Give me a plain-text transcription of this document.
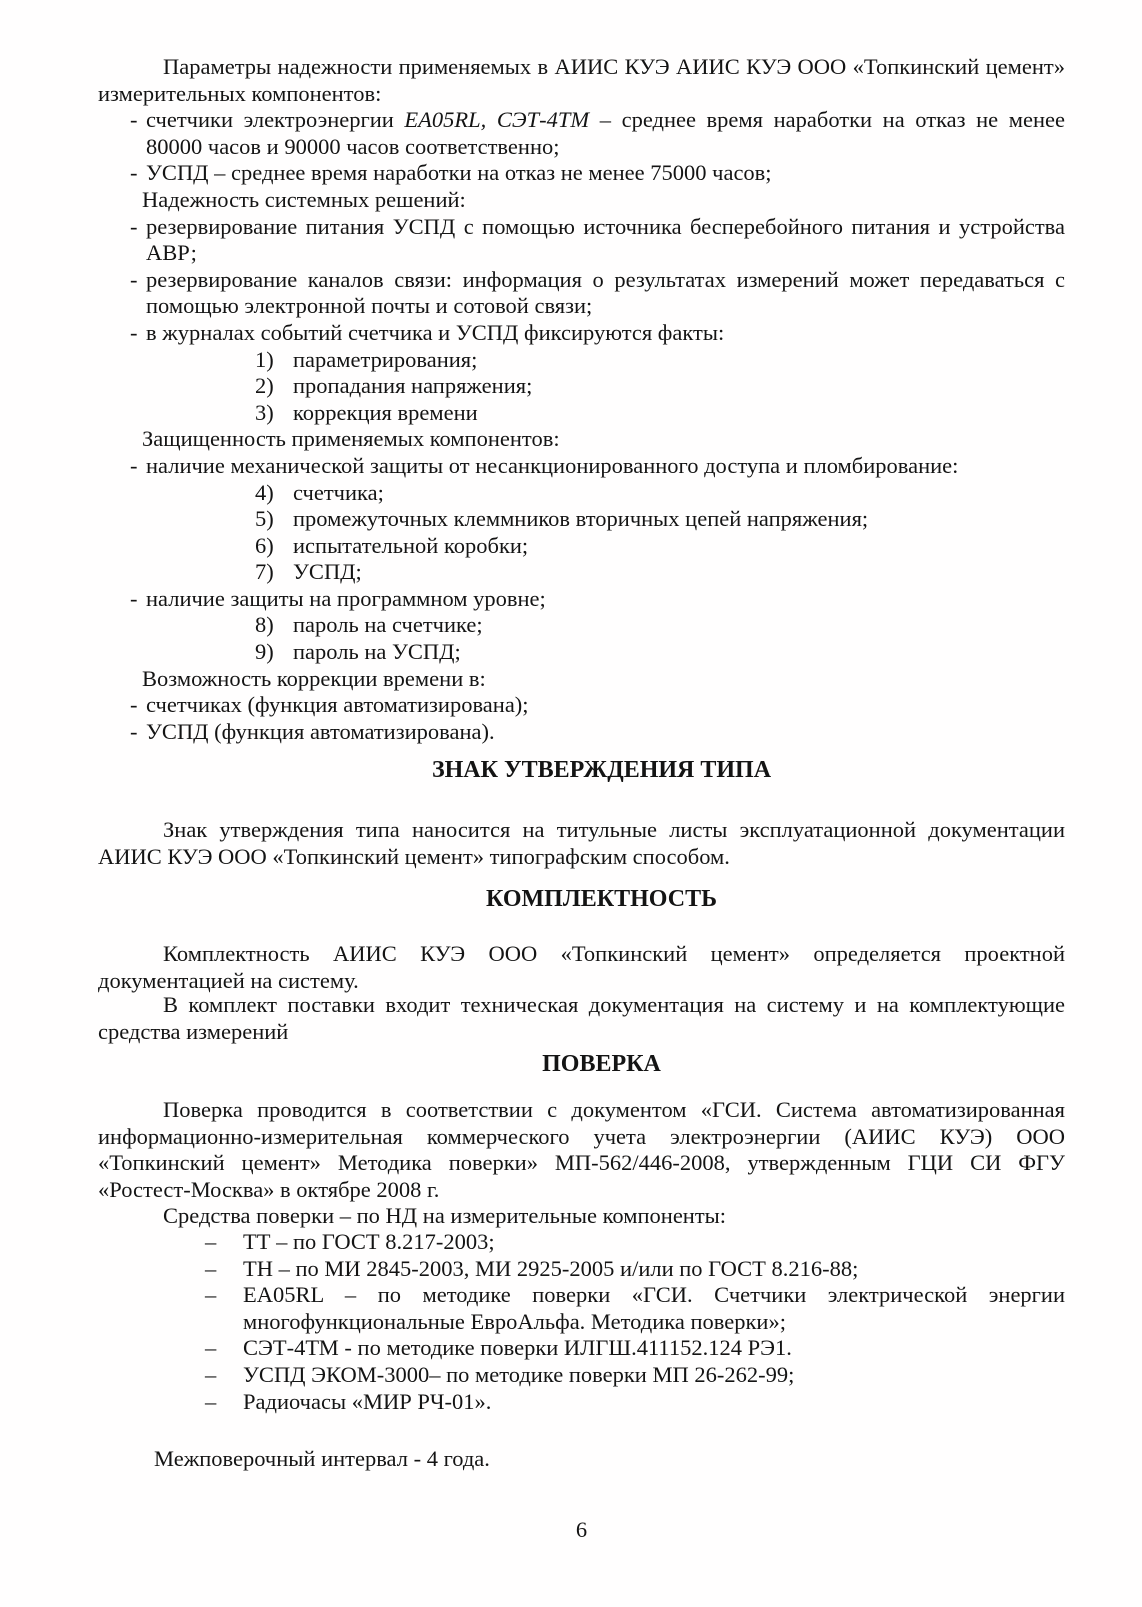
Параметры надежности применяемых в АИИС КУЭ АИИС КУЭ ООО «Топкинский цемент» измерительных компонентов:
- счетчики электроэнергии EA05RL, СЭТ-4ТМ – среднее время наработки на отказ не менее 80000 часов и 90000 часов соответственно;
- УСПД – среднее время наработки на отказ не менее 75000 часов;
Надежность системных решений:
- резервирование питания УСПД с помощью источника бесперебойного питания и устройства АВР;
- резервирование каналов связи: информация о результатах измерений может передаваться с помощью электронной почты и сотовой связи;
- в журналах событий счетчика и УСПД фиксируются факты:
1) параметрирования;
2) пропадания напряжения;
3) коррекция времени
Защищенность применяемых компонентов:
- наличие механической защиты от несанкционированного доступа и пломбирование:
4) счетчика;
5) промежуточных клеммников вторичных цепей напряжения;
6) испытательной коробки;
7) УСПД;
- наличие защиты на программном уровне;
8) пароль на счетчике;
9) пароль на УСПД;
Возможность коррекции времени в:
- счетчиках (функция автоматизирована);
- УСПД (функция автоматизирована).
ЗНАК УТВЕРЖДЕНИЯ ТИПА
Знак утверждения типа наносится на титульные листы эксплуатационной документации АИИС КУЭ ООО «Топкинский цемент» типографским способом.
КОМПЛЕКТНОСТЬ
Комплектность АИИС КУЭ ООО «Топкинский цемент» определяется проектной документацией на систему.
В комплект поставки входит техническая документация на систему и на комплектующие средства измерений
ПОВЕРКА
Поверка проводится в соответствии с документом «ГСИ. Система автоматизированная информационно-измерительная коммерческого учета электроэнергии (АИИС КУЭ) ООО «Топкинский цемент» Методика поверки» МП-562/446-2008, утвержденным ГЦИ СИ ФГУ «Ростест-Москва» в октябре 2008 г.
Средства поверки – по НД на измерительные компоненты:
– ТТ – по ГОСТ 8.217-2003;
– ТН – по МИ 2845-2003, МИ 2925-2005 и/или по ГОСТ 8.216-88;
– EA05RL – по методике поверки «ГСИ. Счетчики электрической энергии многофункциональные ЕвроАльфа. Методика поверки»;
– СЭТ-4ТМ - по методике поверки ИЛГШ.411152.124 РЭ1.
– УСПД ЭКОМ-3000– по методике поверки МП 26-262-99;
– Радиочасы «МИР РЧ-01».
Межповерочный интервал - 4 года.
6
